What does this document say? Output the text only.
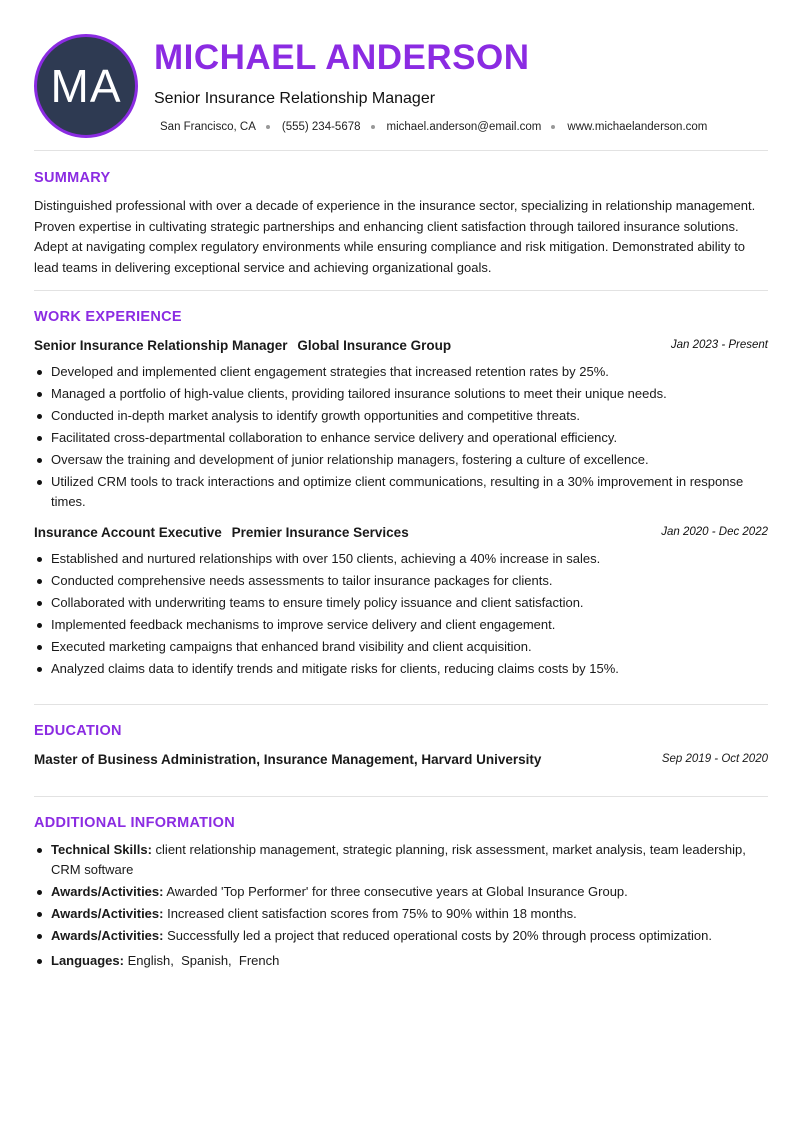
MA
MICHAEL ANDERSON
Senior Insurance Relationship Manager
San Francisco, CA (555) 234-5678 michael.anderson@email.com www.michaelanderson.com
SUMMARY
Distinguished professional with over a decade of experience in the insurance sector, specializing in relationship management. Proven expertise in cultivating strategic partnerships and enhancing client satisfaction through tailored insurance solutions. Adept at navigating complex regulatory environments while ensuring compliance and risk mitigation. Demonstrated ability to lead teams in delivering exceptional service and achieving organizational goals.
WORK EXPERIENCE
Senior Insurance Relationship Manager Global Insurance Group	Jan 2023 - Present
Developed and implemented client engagement strategies that increased retention rates by 25%.
Managed a portfolio of high-value clients, providing tailored insurance solutions to meet their unique needs.
Conducted in-depth market analysis to identify growth opportunities and competitive threats.
Facilitated cross-departmental collaboration to enhance service delivery and operational efficiency.
Oversaw the training and development of junior relationship managers, fostering a culture of excellence.
Utilized CRM tools to track interactions and optimize client communications, resulting in a 30% improvement in response times.
Insurance Account Executive Premier Insurance Services	Jan 2020 - Dec 2022
Established and nurtured relationships with over 150 clients, achieving a 40% increase in sales.
Conducted comprehensive needs assessments to tailor insurance packages for clients.
Collaborated with underwriting teams to ensure timely policy issuance and client satisfaction.
Implemented feedback mechanisms to improve service delivery and client engagement.
Executed marketing campaigns that enhanced brand visibility and client acquisition.
Analyzed claims data to identify trends and mitigate risks for clients, reducing claims costs by 15%.
EDUCATION
Master of Business Administration, Insurance Management, Harvard University	Sep 2019 - Oct 2020
ADDITIONAL INFORMATION
Technical Skills: client relationship management, strategic planning, risk assessment, market analysis, team leadership, CRM software
Awards/Activities: Awarded 'Top Performer' for three consecutive years at Global Insurance Group.
Awards/Activities: Increased client satisfaction scores from 75% to 90% within 18 months.
Awards/Activities: Successfully led a project that reduced operational costs by 20% through process optimization.
Languages: English,  Spanish,  French
